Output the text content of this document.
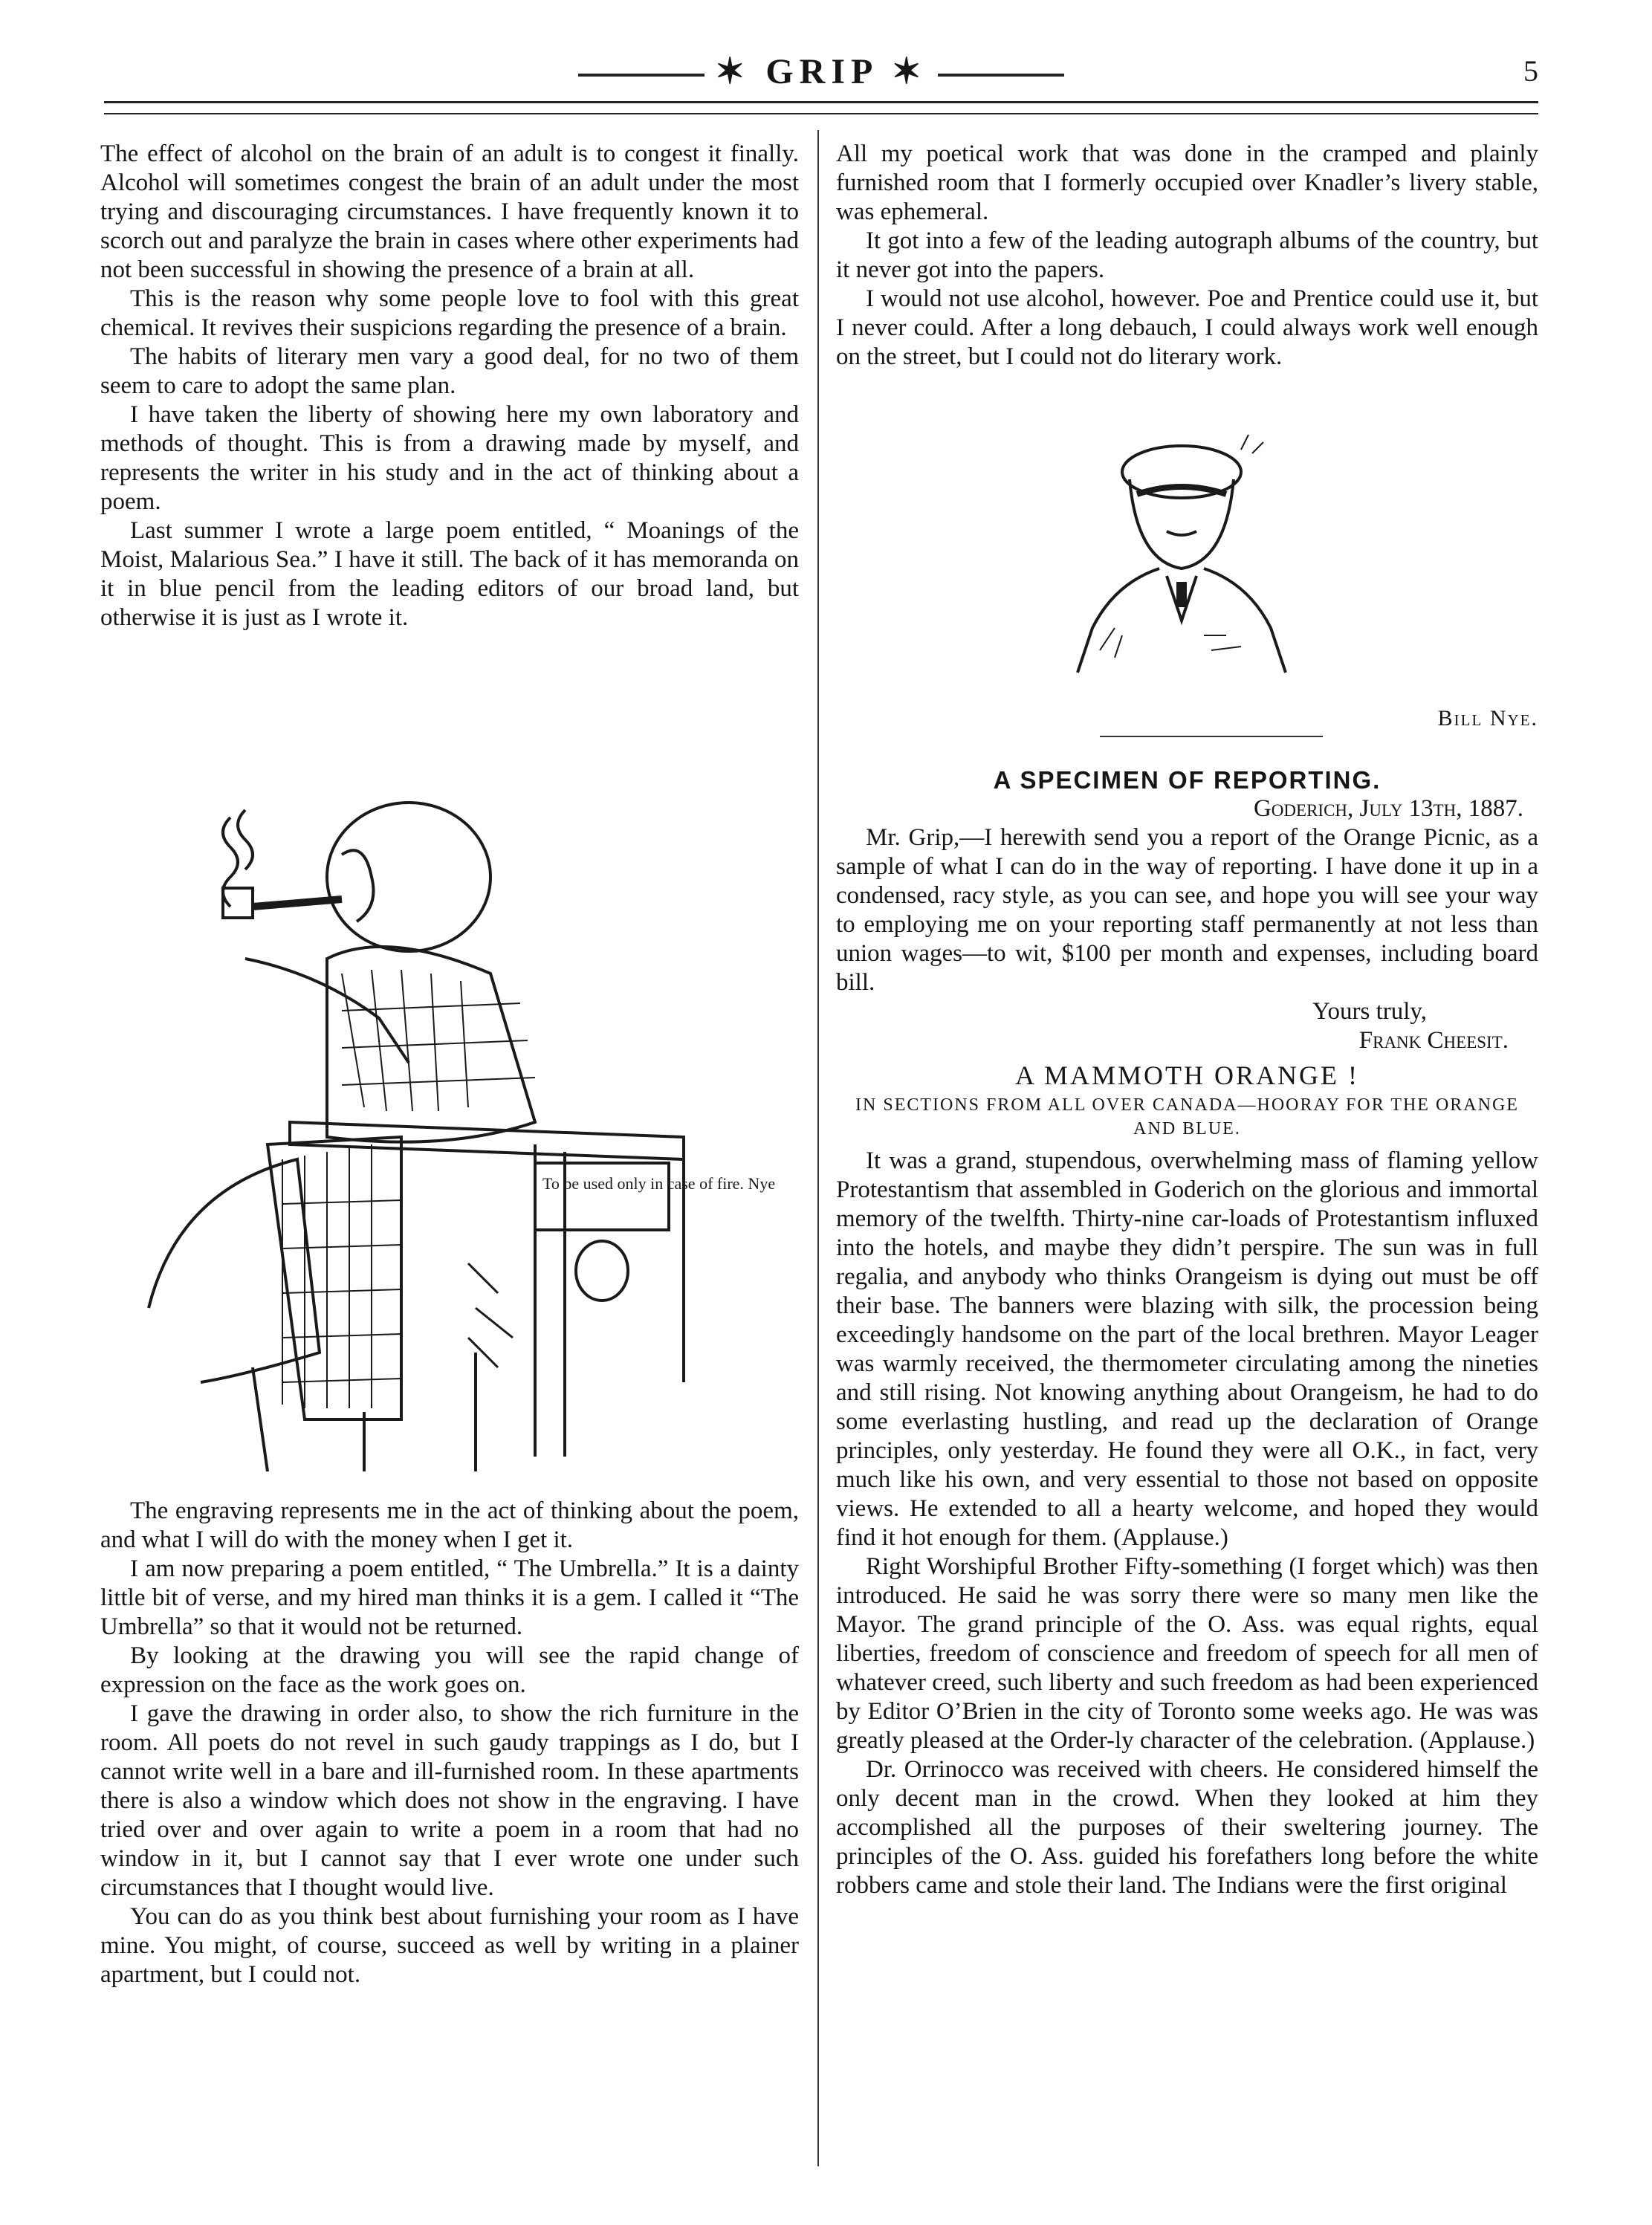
✶ GRIP ✶	5

The effect of alcohol on the brain of an adult is to congest it finally. Alcohol will sometimes congest the brain of an adult under the most trying and discouraging circumstances. I have frequently known it to scorch out and paralyze the brain in cases where other experiments had not been successful in showing the presence of a brain at all.

This is the reason why some people love to fool with this great chemical. It revives their suspicions regarding the presence of a brain.

The habits of literary men vary a good deal, for no two of them seem to care to adopt the same plan.

I have taken the liberty of showing here my own laboratory and methods of thought. This is from a drawing made by myself, and represents the writer in his study and in the act of thinking about a poem.

Last summer I wrote a large poem entitled, “ Moanings of the Moist, Malarious Sea.” I have it still. The back of it has memoranda on it in blue pencil from the leading editors of our broad land, but otherwise it is just as I wrote it.

To be used only in case of fire. Nye

The engraving represents me in the act of thinking about the poem, and what I will do with the money when I get it.

I am now preparing a poem entitled, “ The Umbrella.” It is a dainty little bit of verse, and my hired man thinks it is a gem. I called it “The Umbrella” so that it would not be returned.

By looking at the drawing you will see the rapid change of expression on the face as the work goes on.

I gave the drawing in order also, to show the rich furniture in the room. All poets do not revel in such gaudy trappings as I do, but I cannot write well in a bare and ill-furnished room. In these apartments there is also a window which does not show in the engraving. I have tried over and over again to write a poem in a room that had no window in it, but I cannot say that I ever wrote one under such circumstances that I thought would live.

You can do as you think best about furnishing your room as I have mine. You might, of course, succeed as well by writing in a plainer apartment, but I could not.

All my poetical work that was done in the cramped and plainly furnished room that I formerly occupied over Knadler’s livery stable, was ephemeral.

It got into a few of the leading autograph albums of the country, but it never got into the papers.

I would not use alcohol, however. Poe and Prentice could use it, but I never could. After a long debauch, I could always work well enough on the street, but I could not do literary work.

Bill Nye.
A SPECIMEN OF REPORTING.
Goderich, July 13th, 1887.

Mr. Grip,—I herewith send you a report of the Orange Picnic, as a sample of what I can do in the way of reporting. I have done it up in a condensed, racy style, as you can see, and hope you will see your way to employing me on your reporting staff permanently at not less than union wages—to wit, $100 per month and expenses, including board bill.

Yours truly,
Frank Cheesit.
A MAMMOTH ORANGE !
IN SECTIONS FROM ALL OVER CANADA—HOORAY FOR THE ORANGE AND BLUE.

It was a grand, stupendous, overwhelming mass of flaming yellow Protestantism that assembled in Goderich on the glorious and immortal memory of the twelfth. Thirty-nine car-loads of Protestantism influxed into the hotels, and maybe they didn’t perspire. The sun was in full regalia, and anybody who thinks Orangeism is dying out must be off their base. The banners were blazing with silk, the procession being exceedingly handsome on the part of the local brethren. Mayor Leager was warmly received, the thermometer circulating among the nineties and still rising. Not knowing anything about Orangeism, he had to do some everlasting hustling, and read up the declaration of Orange principles, only yesterday. He found they were all O.K., in fact, very much like his own, and very essential to those not based on opposite views. He extended to all a hearty welcome, and hoped they would find it hot enough for them. (Applause.)

Right Worshipful Brother Fifty-something (I forget which) was then introduced. He said he was sorry there were so many men like the Mayor. The grand principle of the O. Ass. was equal rights, equal liberties, freedom of conscience and freedom of speech for all men of whatever creed, such liberty and such freedom as had been experienced by Editor O’Brien in the city of Toronto some weeks ago. He was was greatly pleased at the Order-ly character of the celebration. (Applause.)

Dr. Orrinocco was received with cheers. He considered himself the only decent man in the crowd. When they looked at him they accomplished all the purposes of their sweltering journey. The principles of the O. Ass. guided his forefathers long before the white robbers came and stole their land. The Indians were the first original
